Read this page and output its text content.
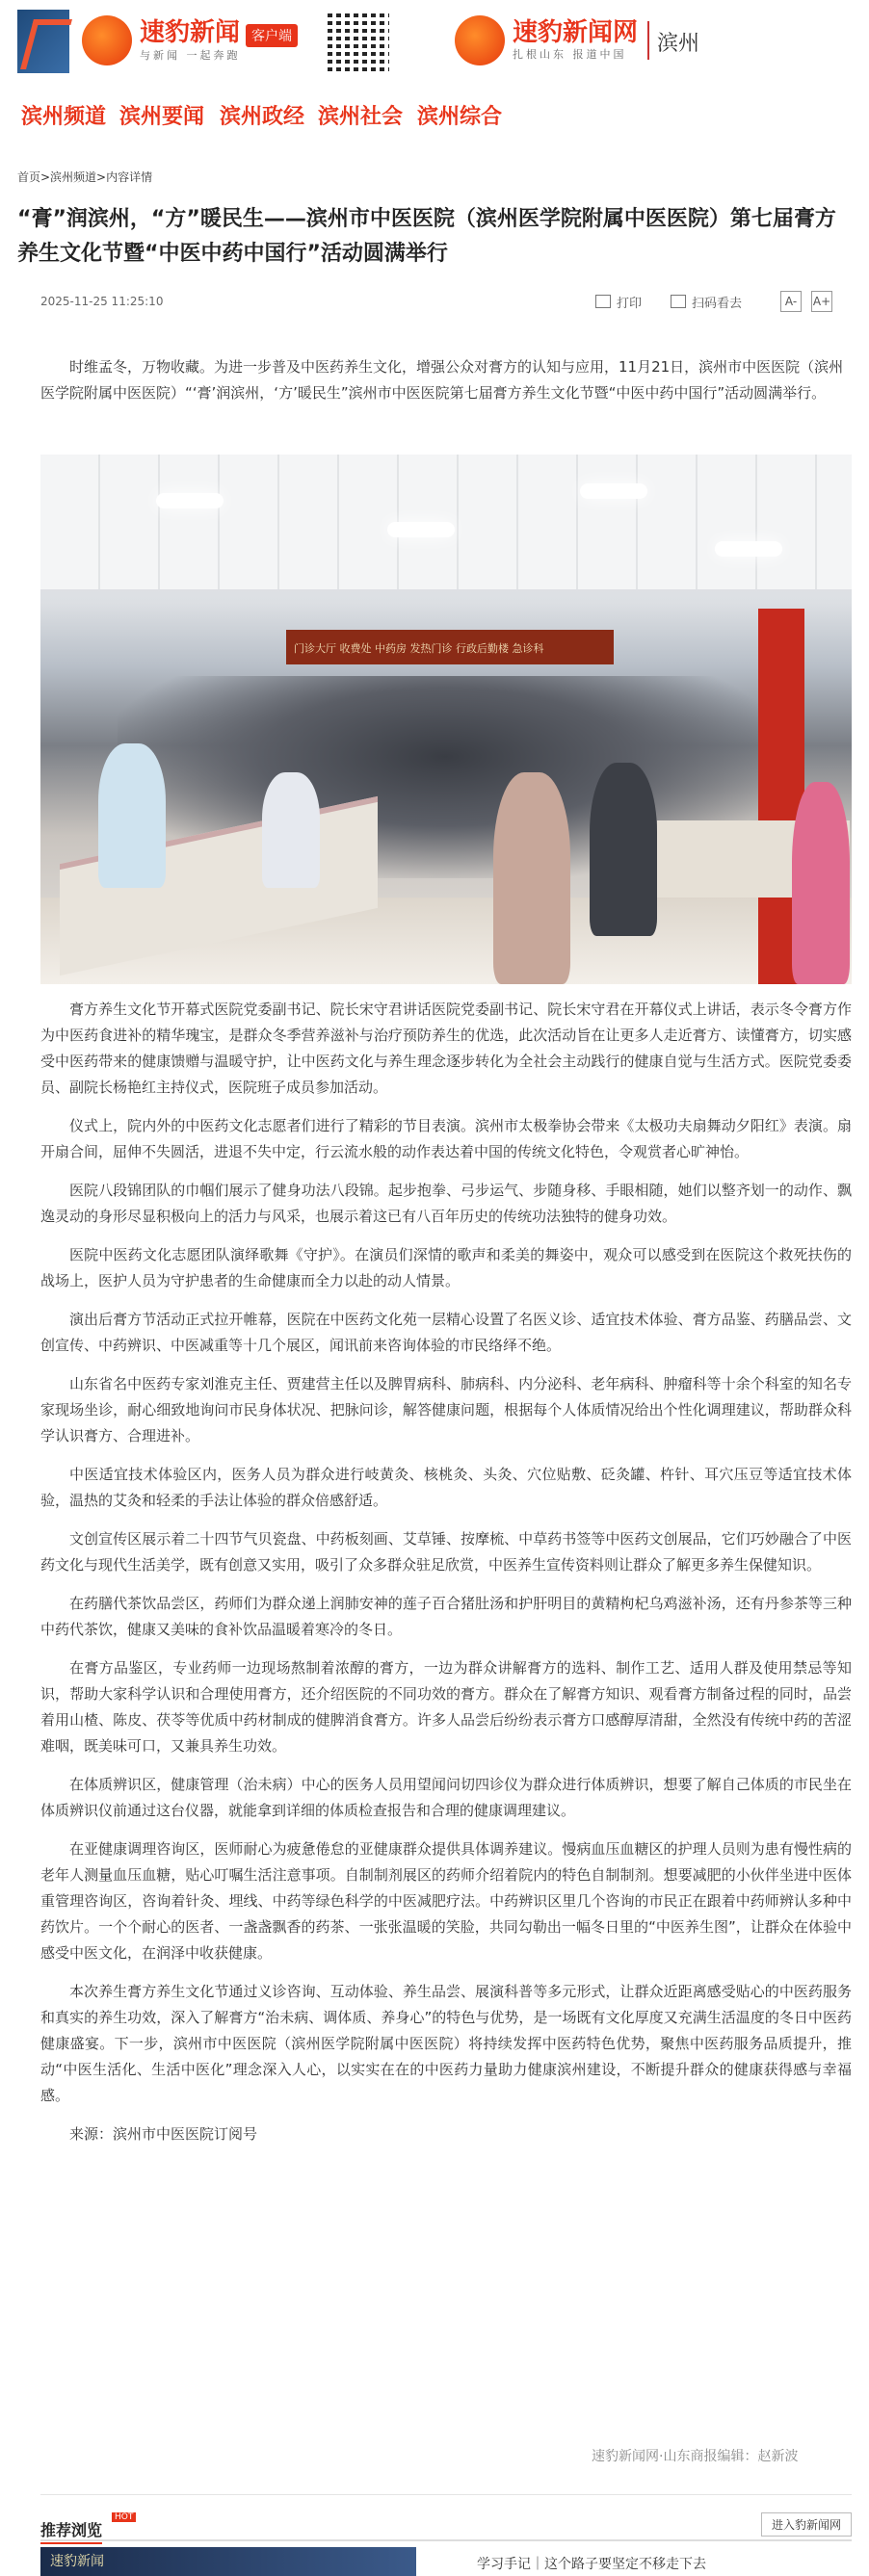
速豹新闻 客户端
与新闻 一起奔跑
速豹新闻网
扎根山东 报道中国	滨州
滨州频道 滨州要闻 滨州政经 滨州社会 滨州综合
首页>滨州频道>内容详情
“膏”润滨州，“方”暖民生——滨州市中医医院（滨州医学院附属中医医院）第七届膏方养生文化节暨“中医中药中国行”活动圆满举行
2025-11-25 11:25:10	打印	扫码看去	A-	A+
时维孟冬，万物收藏。为进一步普及中医药养生文化，增强公众对膏方的认知与应用，11月21日，滨州市中医医院（滨州医学院附属中医医院）“‘膏’润滨州，‘方’暖民生”滨州市中医医院第七届膏方养生文化节暨“中医中药中国行”活动圆满举行。
门诊大厅 收费处 中药房 发热门诊 行政后勤楼 急诊科

膏方养生文化节开幕式医院党委副书记、院长宋守君讲话医院党委副书记、院长宋守君在开幕仪式上讲话，表示冬令膏方作为中医药食进补的精华瑰宝，是群众冬季营养滋补与治疗预防养生的优选，此次活动旨在让更多人走近膏方、读懂膏方，切实感受中医药带来的健康馈赠与温暖守护，让中医药文化与养生理念逐步转化为全社会主动践行的健康自觉与生活方式。医院党委委员、副院长杨艳红主持仪式，医院班子成员参加活动。

仪式上，院内外的中医药文化志愿者们进行了精彩的节目表演。滨州市太极拳协会带来《太极功夫扇舞动夕阳红》表演。扇开扇合间，屈伸不失圆活，进退不失中定，行云流水般的动作表达着中国的传统文化特色，令观赏者心旷神怡。

医院八段锦团队的巾帼们展示了健身功法八段锦。起步抱拳、弓步运气、步随身移、手眼相随，她们以整齐划一的动作、飘逸灵动的身形尽显积极向上的活力与风采，也展示着这已有八百年历史的传统功法独特的健身功效。

医院中医药文化志愿团队演绎歌舞《守护》。在演员们深情的歌声和柔美的舞姿中，观众可以感受到在医院这个救死扶伤的战场上，医护人员为守护患者的生命健康而全力以赴的动人情景。

演出后膏方节活动正式拉开帷幕，医院在中医药文化苑一层精心设置了名医义诊、适宜技术体验、膏方品鉴、药膳品尝、文创宣传、中药辨识、中医减重等十几个展区，闻讯前来咨询体验的市民络绎不绝。

山东省名中医药专家刘淮克主任、贾建营主任以及脾胃病科、肺病科、内分泌科、老年病科、肿瘤科等十余个科室的知名专家现场坐诊，耐心细致地询问市民身体状况、把脉问诊，解答健康问题，根据每个人体质情况给出个性化调理建议，帮助群众科学认识膏方、合理进补。

中医适宜技术体验区内，医务人员为群众进行岐黄灸、核桃灸、头灸、穴位贴敷、砭灸罐、杵针、耳穴压豆等适宜技术体验，温热的艾灸和轻柔的手法让体验的群众倍感舒适。

文创宣传区展示着二十四节气贝瓷盘、中药板刻画、艾草锤、按摩梳、中草药书签等中医药文创展品，它们巧妙融合了中医药文化与现代生活美学，既有创意又实用，吸引了众多群众驻足欣赏，中医养生宣传资料则让群众了解更多养生保健知识。

在药膳代茶饮品尝区，药师们为群众递上润肺安神的莲子百合猪肚汤和护肝明目的黄精枸杞乌鸡滋补汤，还有丹参茶等三种中药代茶饮，健康又美味的食补饮品温暖着寒冷的冬日。

在膏方品鉴区，专业药师一边现场熬制着浓醇的膏方，一边为群众讲解膏方的选料、制作工艺、适用人群及使用禁忌等知识，帮助大家科学认识和合理使用膏方，还介绍医院的不同功效的膏方。群众在了解膏方知识、观看膏方制备过程的同时，品尝着用山楂、陈皮、茯苓等优质中药材制成的健脾消食膏方。许多人品尝后纷纷表示膏方口感醇厚清甜，全然没有传统中药的苦涩难咽，既美味可口，又兼具养生功效。

在体质辨识区，健康管理（治未病）中心的医务人员用望闻问切四诊仪为群众进行体质辨识，想要了解自己体质的市民坐在体质辨识仪前通过这台仪器，就能拿到详细的体质检查报告和合理的健康调理建议。

在亚健康调理咨询区，医师耐心为疲惫倦怠的亚健康群众提供具体调养建议。慢病血压血糖区的护理人员则为患有慢性病的老年人测量血压血糖，贴心叮嘱生活注意事项。自制制剂展区的药师介绍着院内的特色自制制剂。想要减肥的小伙伴坐进中医体重管理咨询区，咨询着针灸、埋线、中药等绿色科学的中医减肥疗法。中药辨识区里几个咨询的市民正在跟着中药师辨认多种中药饮片。一个个耐心的医者、一盏盏飘香的药茶、一张张温暖的笑脸，共同勾勒出一幅冬日里的“中医养生图”，让群众在体验中感受中医文化，在润泽中收获健康。

本次养生膏方养生文化节通过义诊咨询、互动体验、养生品尝、展演科普等多元形式，让群众近距离感受贴心的中医药服务和真实的养生功效，深入了解膏方“治未病、调体质、养身心”的特色与优势，是一场既有文化厚度又充满生活温度的冬日中医药健康盛宴。下一步，滨州市中医医院（滨州医学院附属中医医院）将持续发挥中医药特色优势，聚焦中医药服务品质提升，推动“中医生活化、生活中医化”理念深入人心，以实实在在的中医药力量助力健康滨州建设，不断提升群众的健康获得感与幸福感。

来源：滨州市中医医院订阅号

速豹新闻网·山东商报编辑：赵新波
推荐浏览
HOT
进入豹新闻网
速豹新闻	学习手记｜这个路子要坚定不移走下去
